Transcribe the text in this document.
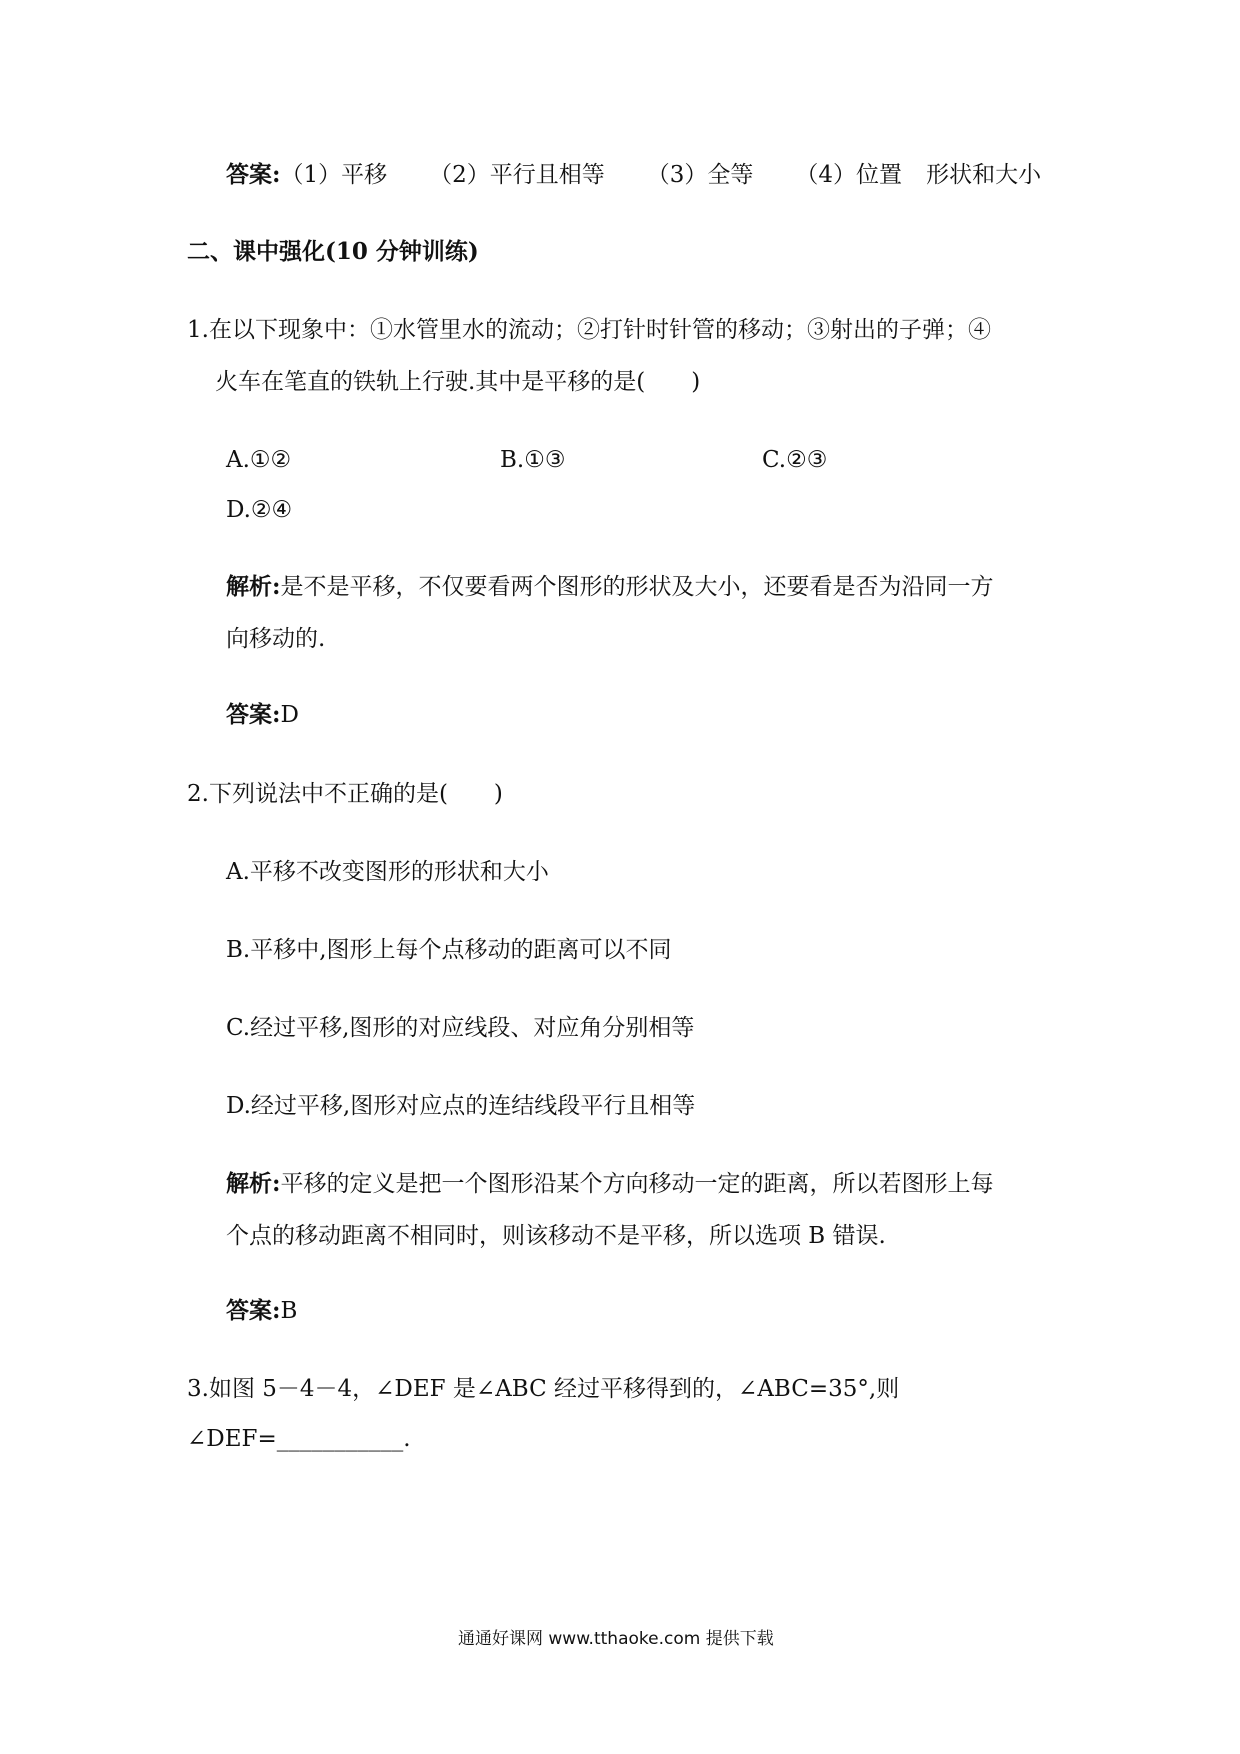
答案:（1）平移 （2）平行且相等 （3）全等 （4）位置 形状和大小
二、课中强化(10 分钟训练)
1.在以下现象中：①水管里水的流动；②打针时针管的移动；③射出的子弹；④
火车在笔直的铁轨上行驶.其中是平移的是(　　)
A.①②	B.①③	C.②③
D.②④
解析:是不是平移，不仅要看两个图形的形状及大小，还要看是否为沿同一方
向移动的.
答案:D
2.下列说法中不正确的是(　　)
A.平移不改变图形的形状和大小
B.平移中,图形上每个点移动的距离可以不同
C.经过平移,图形的对应线段、对应角分别相等
D.经过平移,图形对应点的连结线段平行且相等
解析:平移的定义是把一个图形沿某个方向移动一定的距离，所以若图形上每
个点的移动距离不相同时，则该移动不是平移，所以选项 B 错误.
答案:B
3.如图 5－4－4，∠DEF 是∠ABC 经过平移得到的，∠ABC=35°,则
∠DEF=___________.
通通好课网 www.tthaoke.com 提供下载
